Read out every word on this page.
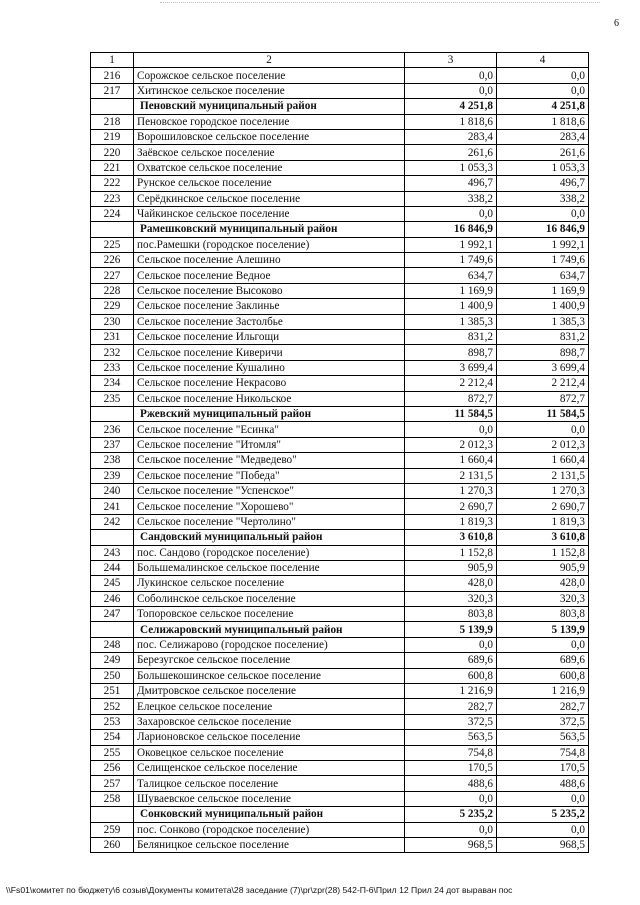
6
1	2	3	4
216	Сорожское сельское поселение	0,0	0,0
217	Хитинское сельское поселение	0,0	0,0
	Пеновский муниципальный район	4 251,8	4 251,8
218	Пеновское городское поселение	1 818,6	1 818,6
219	Ворошиловское сельское поселение	283,4	283,4
220	Заёвское сельское поселение	261,6	261,6
221	Охватское сельское поселение	1 053,3	1 053,3
222	Рунское сельское поселение	496,7	496,7
223	Серёдкинское сельское поселение	338,2	338,2
224	Чайкинское сельское поселение	0,0	0,0
	Рамешковский муниципальный район	16 846,9	16 846,9
225	пос.Рамешки (городское поселение)	1 992,1	1 992,1
226	Сельское поселение Алешино	1 749,6	1 749,6
227	Сельское поселение Ведное	634,7	634,7
228	Сельское поселение Высоково	1 169,9	1 169,9
229	Сельское поселение Заклинье	1 400,9	1 400,9
230	Сельское поселение Застолбье	1 385,3	1 385,3
231	Сельское поселение Ильгощи	831,2	831,2
232	Сельское поселение Киверичи	898,7	898,7
233	Сельское поселение Кушалино	3 699,4	3 699,4
234	Сельское поселение Некрасово	2 212,4	2 212,4
235	Сельское поселение Никольское	872,7	872,7
	Ржевский муниципальный район	11 584,5	11 584,5
236	Сельское поселение "Есинка"	0,0	0,0
237	Сельское поселение "Итомля"	2 012,3	2 012,3
238	Сельское поселение "Медведево"	1 660,4	1 660,4
239	Сельское поселение "Победа"	2 131,5	2 131,5
240	Сельское поселение "Успенское"	1 270,3	1 270,3
241	Сельское поселение "Хорошево"	2 690,7	2 690,7
242	Сельское поселение "Чертолино"	1 819,3	1 819,3
	Сандовский муниципальный район	3 610,8	3 610,8
243	пос. Сандово (городское поселение)	1 152,8	1 152,8
244	Большемалинское сельское поселение	905,9	905,9
245	Лукинское сельское поселение	428,0	428,0
246	Соболинское сельское поселение	320,3	320,3
247	Топоровское сельское поселение	803,8	803,8
	Селижаровский муниципальный район	5 139,9	5 139,9
248	пос. Селижарово (городское поселение)	0,0	0,0
249	Березугское сельское поселение	689,6	689,6
250	Большекошинское сельское поселение	600,8	600,8
251	Дмитровское сельское поселение	1 216,9	1 216,9
252	Елецкое сельское поселение	282,7	282,7
253	Захаровское сельское поселение	372,5	372,5
254	Ларионовское сельское поселение	563,5	563,5
255	Оковецкое сельское поселение	754,8	754,8
256	Селищенское сельское поселение	170,5	170,5
257	Талицкое сельское поселение	488,6	488,6
258	Шуваевское сельское поселение	0,0	0,0
	Сонковский муниципальный район	5 235,2	5 235,2
259	пос. Сонково (городское поселение)	0,0	0,0
260	Беляницкое сельское поселение	968,5	968,5
\\Fs01\комитет по бюджету\6 созыв\Документы комитета\28 заседание (7)\pr\zpr(28) 542-П-6\Прил 12 Прил 24 дот выраван пос
